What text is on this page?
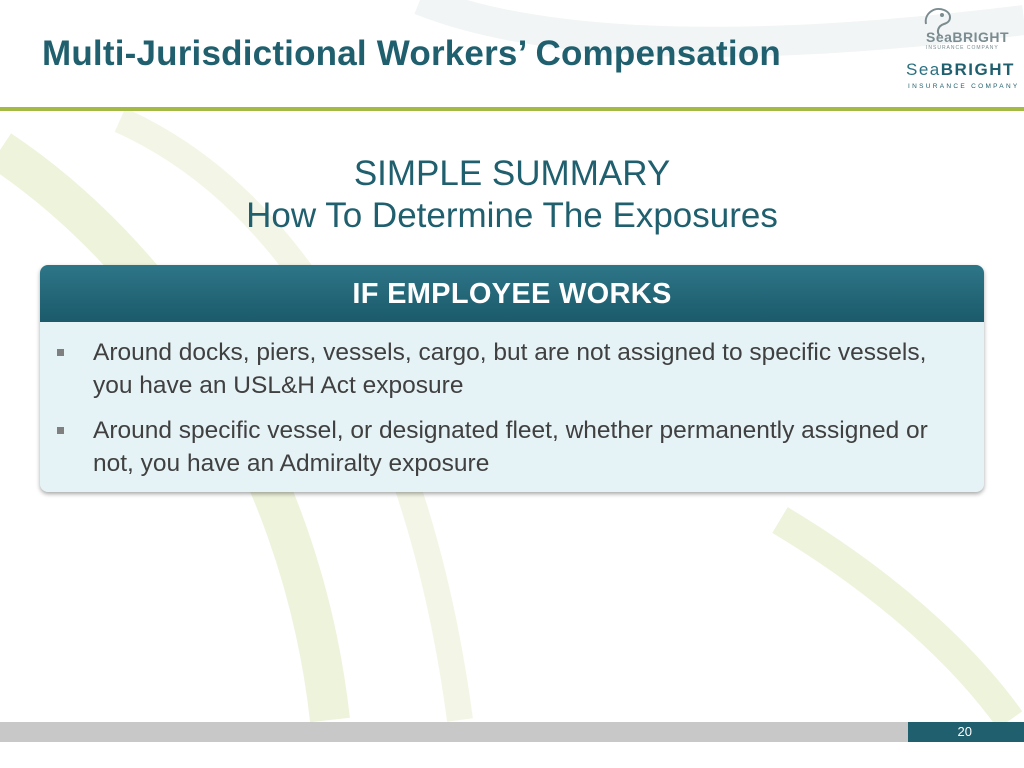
Multi-Jurisdictional Workers’ Compensation	SeaBRIGHT
INSURANCE COMPANY
SeaBRIGHT
INSURANCE COMPANY
SIMPLE SUMMARY
How To Determine The Exposures
IF EMPLOYEE WORKS
Around docks, piers, vessels, cargo, but are not assigned to specific vessels, you have an USL&H Act exposure
Around specific vessel, or designated fleet, whether permanently assigned or not, you have an Admiralty exposure
20
